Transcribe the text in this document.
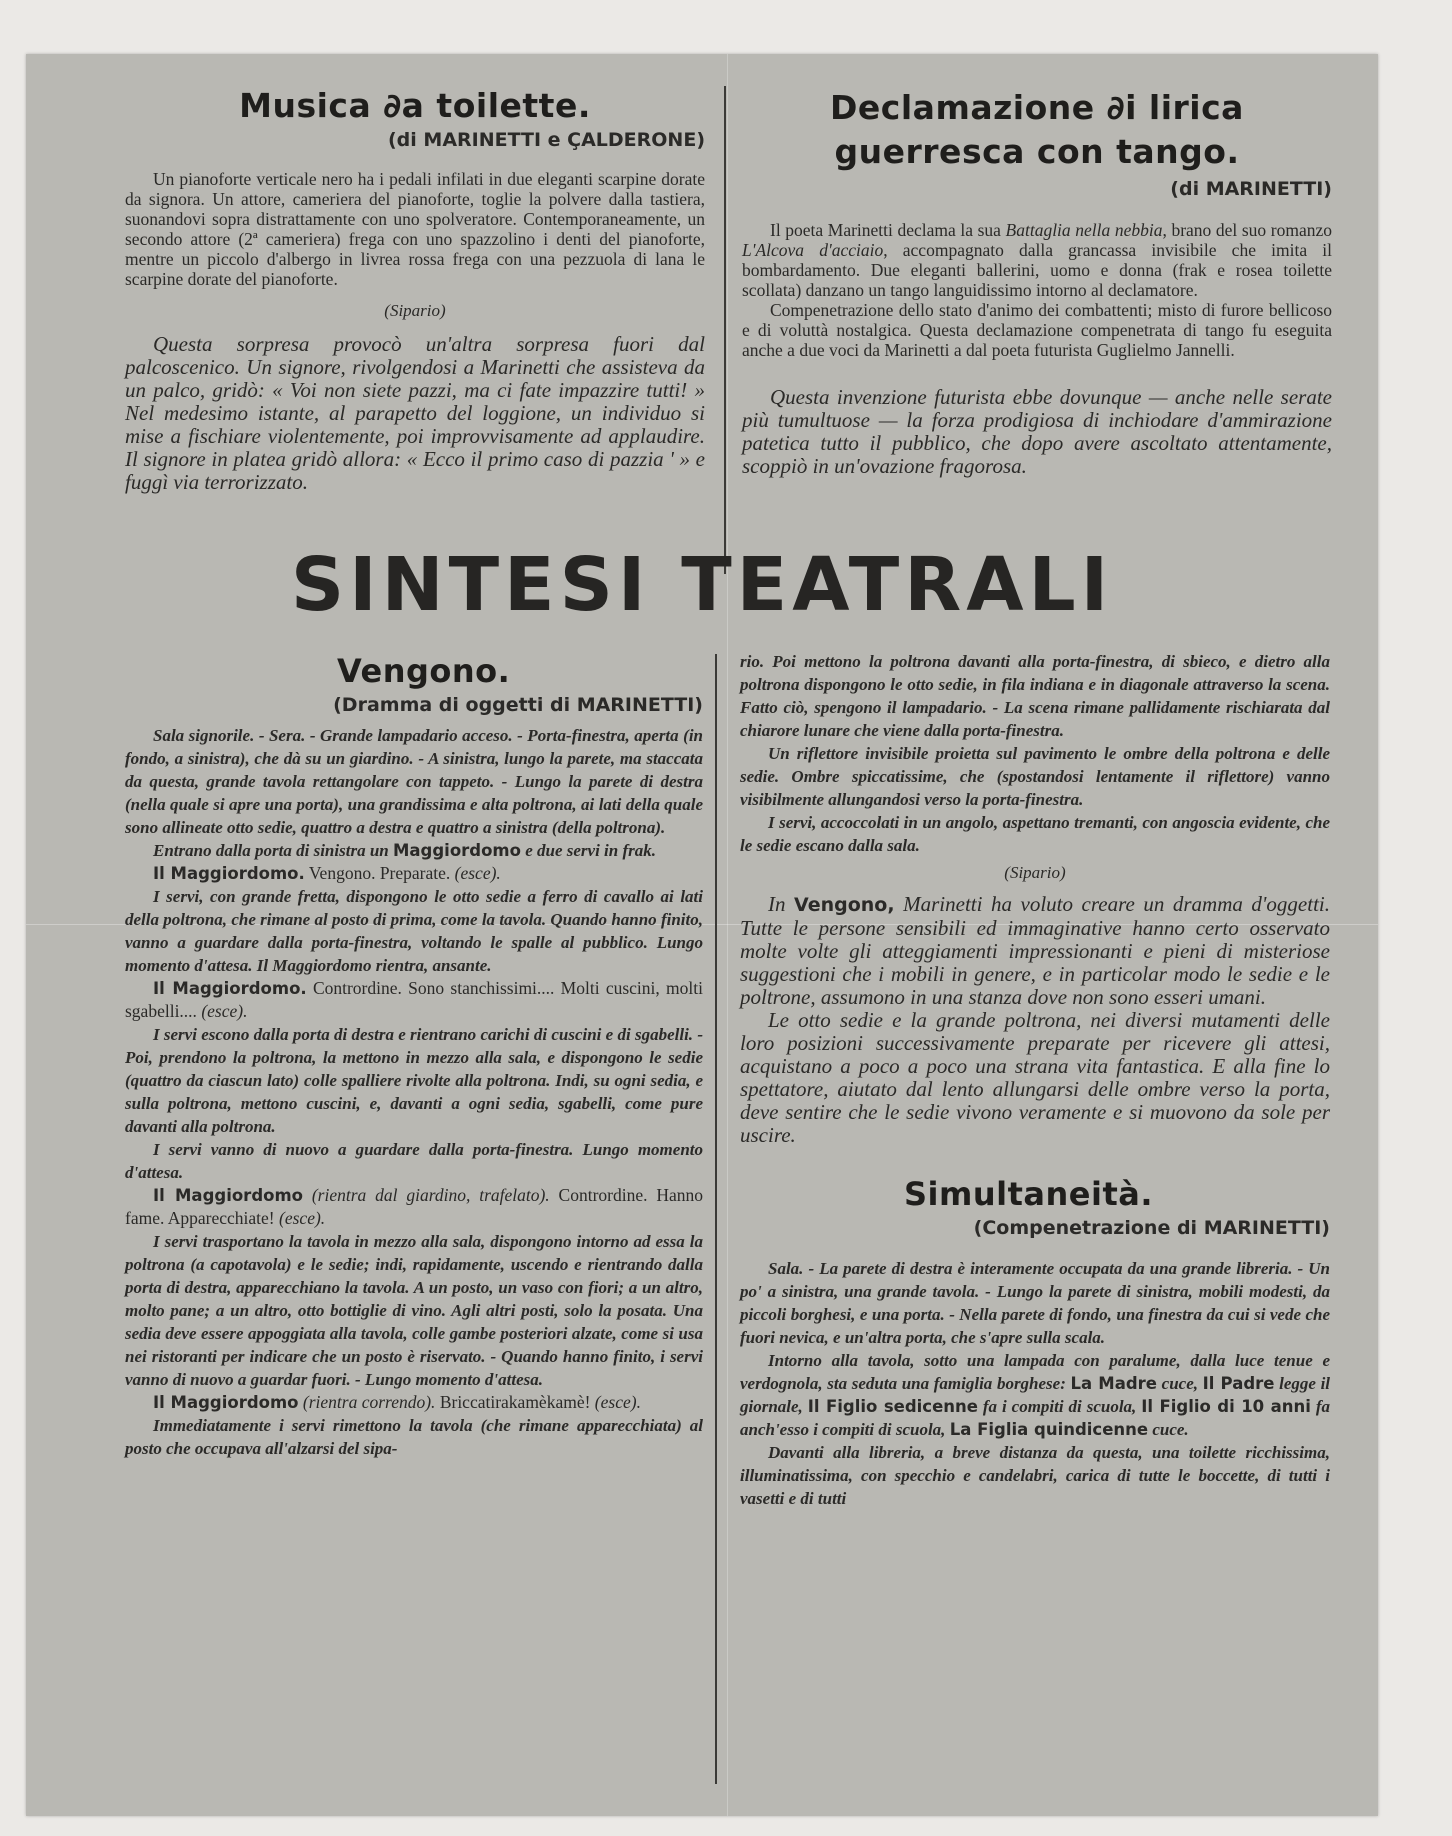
Musica ∂a toilette.
(di MARINETTI e ÇALDERONE)

Un pianoforte verticale nero ha i pedali infilati in due eleganti scarpine dorate da signora. Un attore, cameriera del pianoforte, toglie la polvere dalla tastiera, suonandovi sopra distrattamente con uno spolveratore. Contemporaneamente, un secondo attore (2ª cameriera) frega con uno spazzolino i denti del pianoforte, mentre un piccolo d'albergo in livrea rossa frega con una pezzuola di lana le scarpine dorate del pianoforte.

(Sipario)

Questa sorpresa provocò un'altra sorpresa fuori dal palcoscenico. Un signore, rivolgendosi a Marinetti che assisteva da un palco, gridò: « Voi non siete pazzi, ma ci fate impazzire tutti! » Nel medesimo istante, al parapetto del loggione, un individuo si mise a fischiare violentemente, poi improvvisamente ad applaudire. Il signore in platea gridò allora: « Ecco il primo caso di pazzia ' » e fuggì via terrorizzato.

Declamazione ∂i lirica guerresca con tango.
(di MARINETTI)

Il poeta Marinetti declama la sua Battaglia nella nebbia, brano del suo romanzo L'Alcova d'acciaio, accompagnato dalla grancassa invisibile che imita il bombardamento. Due eleganti ballerini, uomo e donna (frak e rosea toilette scollata) danzano un tango languidissimo intorno al declamatore.

Compenetrazione dello stato d'animo dei combattenti; misto di furore bellicoso e di voluttà nostalgica. Questa declamazione compenetrata di tango fu eseguita anche a due voci da Marinetti a dal poeta futurista Guglielmo Jannelli.

Questa invenzione futurista ebbe dovunque — anche nelle serate più tumultuose — la forza prodigiosa di inchiodare d'ammirazione patetica tutto il pubblico, che dopo avere ascoltato attentamente, scoppiò in un'ovazione fragorosa.

SINTESI TEATRALI
Vengono.
(Dramma di oggetti di MARINETTI)

Sala signorile. - Sera. - Grande lampadario acceso. - Porta-finestra, aperta (in fondo, a sinistra), che dà su un giardino. - A sinistra, lungo la parete, ma staccata da questa, grande tavola rettangolare con tappeto. - Lungo la parete di destra (nella quale si apre una porta), una grandissima e alta poltrona, ai lati della quale sono allineate otto sedie, quattro a destra e quattro a sinistra (della poltrona).

Entrano dalla porta di sinistra un Maggiordomo e due servi in frak.

Il Maggiordomo. Vengono. Preparate. (esce).

I servi, con grande fretta, dispongono le otto sedie a ferro di cavallo ai lati della poltrona, che rimane al posto di prima, come la tavola. Quando hanno finito, vanno a guardare dalla porta-finestra, voltando le spalle al pubblico. Lungo momento d'attesa. Il Maggiordomo rientra, ansante.

Il Maggiordomo. Contrordine. Sono stanchissimi.... Molti cuscini, molti sgabelli.... (esce).

I servi escono dalla porta di destra e rientrano carichi di cuscini e di sgabelli. - Poi, prendono la poltrona, la mettono in mezzo alla sala, e dispongono le sedie (quattro da ciascun lato) colle spalliere rivolte alla poltrona. Indi, su ogni sedia, e sulla poltrona, mettono cuscini, e, davanti a ogni sedia, sgabelli, come pure davanti alla poltrona.

I servi vanno di nuovo a guardare dalla porta-finestra. Lungo momento d'attesa.

Il Maggiordomo (rientra dal giardino, trafelato). Contrordine. Hanno fame. Apparecchiate! (esce).

I servi trasportano la tavola in mezzo alla sala, dispongono intorno ad essa la poltrona (a capotavola) e le sedie; indi, rapidamente, uscendo e rientrando dalla porta di destra, apparecchiano la tavola. A un posto, un vaso con fiori; a un altro, molto pane; a un altro, otto bottiglie di vino. Agli altri posti, solo la posata. Una sedia deve essere appoggiata alla tavola, colle gambe posteriori alzate, come si usa nei ristoranti per indicare che un posto è riservato. - Quando hanno finito, i servi vanno di nuovo a guardar fuori. - Lungo momento d'attesa.

Il Maggiordomo (rientra correndo). Briccatirakamèkamè! (esce).

Immediatamente i servi rimettono la tavola (che rimane apparecchiata) al posto che occupava all'alzarsi del sipa-

rio. Poi mettono la poltrona davanti alla porta-finestra, di sbieco, e dietro alla poltrona dispongono le otto sedie, in fila indiana e in diagonale attraverso la scena. Fatto ciò, spengono il lampadario. - La scena rimane pallidamente rischiarata dal chiarore lunare che viene dalla porta-finestra.

Un riflettore invisibile proietta sul pavimento le ombre della poltrona e delle sedie. Ombre spiccatissime, che (spostandosi lentamente il riflettore) vanno visibilmente allungandosi verso la porta-finestra.

I servi, accoccolati in un angolo, aspettano tremanti, con angoscia evidente, che le sedie escano dalla sala.

(Sipario)

In Vengono, Marinetti ha voluto creare un dramma d'oggetti. Tutte le persone sensibili ed immaginative hanno certo osservato molte volte gli atteggiamenti impressionanti e pieni di misteriose suggestioni che i mobili in genere, e in particolar modo le sedie e le poltrone, assumono in una stanza dove non sono esseri umani.

Le otto sedie e la grande poltrona, nei diversi mutamenti delle loro posizioni successivamente preparate per ricevere gli attesi, acquistano a poco a poco una strana vita fantastica. E alla fine lo spettatore, aiutato dal lento allungarsi delle ombre verso la porta, deve sentire che le sedie vivono veramente e si muovono da sole per uscire.

Simultaneità.
(Compenetrazione di MARINETTI)

Sala. - La parete di destra è interamente occupata da una grande libreria. - Un po' a sinistra, una grande tavola. - Lungo la parete di sinistra, mobili modesti, da piccoli borghesi, e una porta. - Nella parete di fondo, una finestra da cui si vede che fuori nevica, e un'altra porta, che s'apre sulla scala.

Intorno alla tavola, sotto una lampada con paralume, dalla luce tenue e verdognola, sta seduta una famiglia borghese: La Madre cuce, Il Padre legge il giornale, Il Figlio sedicenne fa i compiti di scuola, Il Figlio di 10 anni fa anch'esso i compiti di scuola, La Figlia quindicenne cuce.

Davanti alla libreria, a breve distanza da questa, una toilette ricchissima, illuminatissima, con specchio e candelabri, carica di tutte le boccette, di tutti i vasetti e di tutti
